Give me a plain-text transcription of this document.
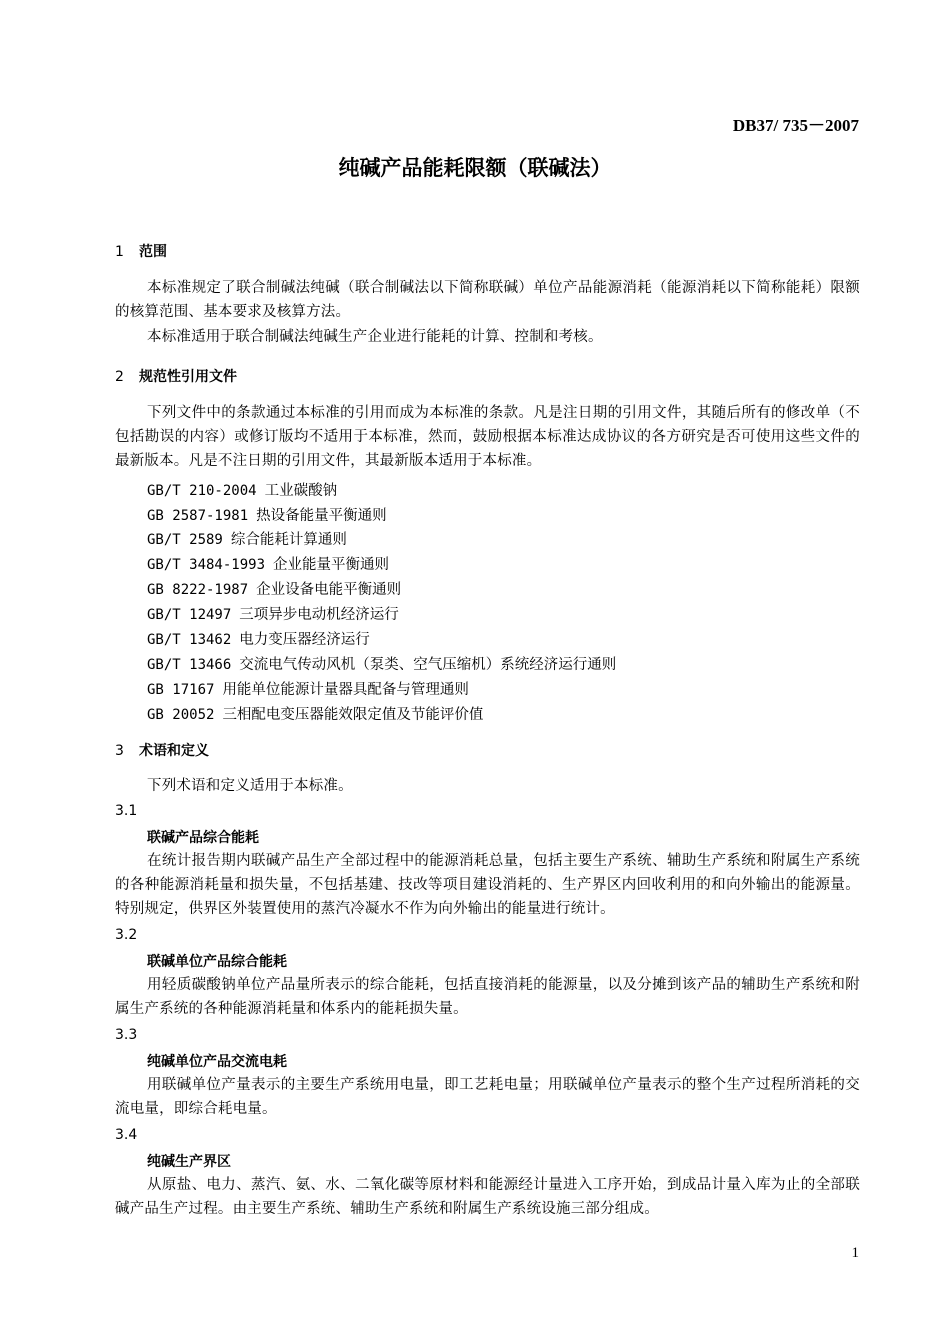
DB37/ 735－2007
纯碱产品能耗限额（联碱法）
1 范围
本标准规定了联合制碱法纯碱（联合制碱法以下简称联碱）单位产品能源消耗（能源消耗以下简称能耗）限额的核算范围、基本要求及核算方法。
本标准适用于联合制碱法纯碱生产企业进行能耗的计算、控制和考核。
2 规范性引用文件
下列文件中的条款通过本标准的引用而成为本标准的条款。凡是注日期的引用文件，其随后所有的修改单（不包括勘误的内容）或修订版均不适用于本标准，然而，鼓励根据本标准达成协议的各方研究是否可使用这些文件的最新版本。凡是不注日期的引用文件，其最新版本适用于本标准。
GB/T 210-2004 工业碳酸钠
GB 2587-1981 热设备能量平衡通则
GB/T 2589 综合能耗计算通则
GB/T 3484-1993 企业能量平衡通则
GB 8222-1987 企业设备电能平衡通则
GB/T 12497 三项异步电动机经济运行
GB/T 13462 电力变压器经济运行
GB/T 13466 交流电气传动风机（泵类、空气压缩机）系统经济运行通则
GB 17167 用能单位能源计量器具配备与管理通则
GB 20052 三相配电变压器能效限定值及节能评价值
3 术语和定义
下列术语和定义适用于本标准。
3.1
联碱产品综合能耗
在统计报告期内联碱产品生产全部过程中的能源消耗总量，包括主要生产系统、辅助生产系统和附属生产系统的各种能源消耗量和损失量，不包括基建、技改等项目建设消耗的、生产界区内回收利用的和向外输出的能源量。特别规定，供界区外装置使用的蒸汽冷凝水不作为向外输出的能量进行统计。
3.2
联碱单位产品综合能耗
用轻质碳酸钠单位产品量所表示的综合能耗，包括直接消耗的能源量，以及分摊到该产品的辅助生产系统和附属生产系统的各种能源消耗量和体系内的能耗损失量。
3.3
纯碱单位产品交流电耗
用联碱单位产量表示的主要生产系统用电量，即工艺耗电量；用联碱单位产量表示的整个生产过程所消耗的交流电量，即综合耗电量。
3.4
纯碱生产界区
从原盐、电力、蒸汽、氨、水、二氧化碳等原材料和能源经计量进入工序开始，到成品计量入库为止的全部联碱产品生产过程。由主要生产系统、辅助生产系统和附属生产系统设施三部分组成。
1
